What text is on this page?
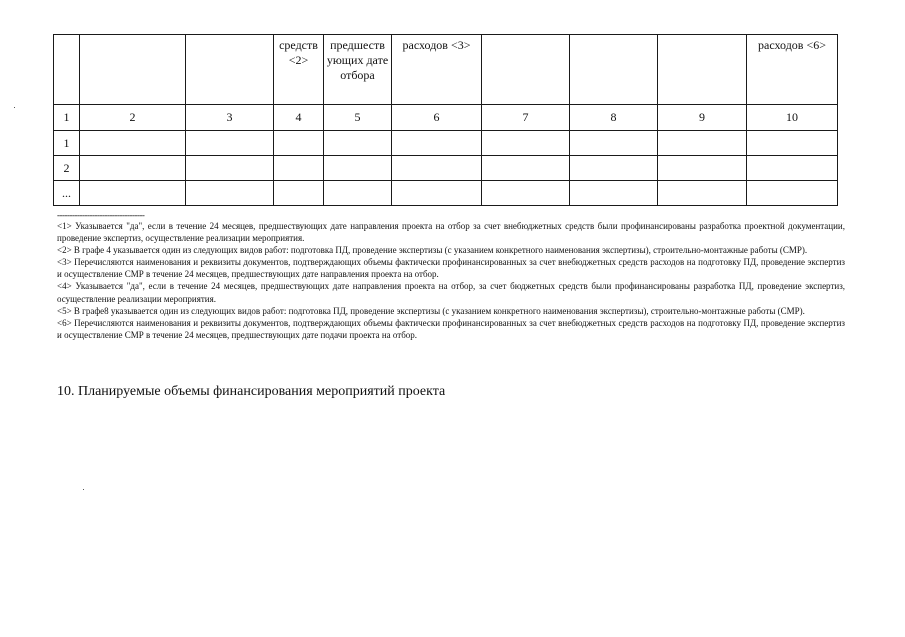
			средств <2>	предшеств ующих дате отбора	расходов <3>				расходов <6>
1	2	3	4	5	6	7	8	9	10
1									
2									
...									
-----------------------------------

<1> Указывается "да", если в течение 24 месяцев, предшествующих дате направления проекта на отбор за счет внебюджетных средств были профинансированы разработка проектной документации, проведение экспертиз, осуществление реализации мероприятия.

<2> В графе 4 указывается один из следующих видов работ: подготовка ПД, проведение экспертизы (с указанием конкретного наименования экспертизы), строительно-монтажные работы (СМР).

<3> Перечисляются наименования и реквизиты документов, подтверждающих объемы фактически профинансированных за счет внебюджетных средств расходов на подготовку ПД, проведение экспертиз и осуществление СМР в течение 24 месяцев, предшествующих дате направления проекта на отбор.

<4> Указывается "да", если в течение 24 месяцев, предшествующих дате направления проекта на отбор, за счет бюджетных средств были профинансированы разработка ПД, проведение экспертиз, осуществление реализации мероприятия.

<5> В графе8 указывается один из следующих видов работ: подготовка ПД, проведение экспертизы (с указанием конкретного наименования экспертизы), строительно-монтажные работы (СМР).

<6> Перечисляются наименования и реквизиты документов, подтверждающих объемы фактически профинансированных за счет внебюджетных средств расходов на подготовку ПД, проведение экспертиз и осуществление СМР в течение 24 месяцев, предшествующих дате подачи проекта на отбор.

10. Планируемые объемы финансирования мероприятий проекта
